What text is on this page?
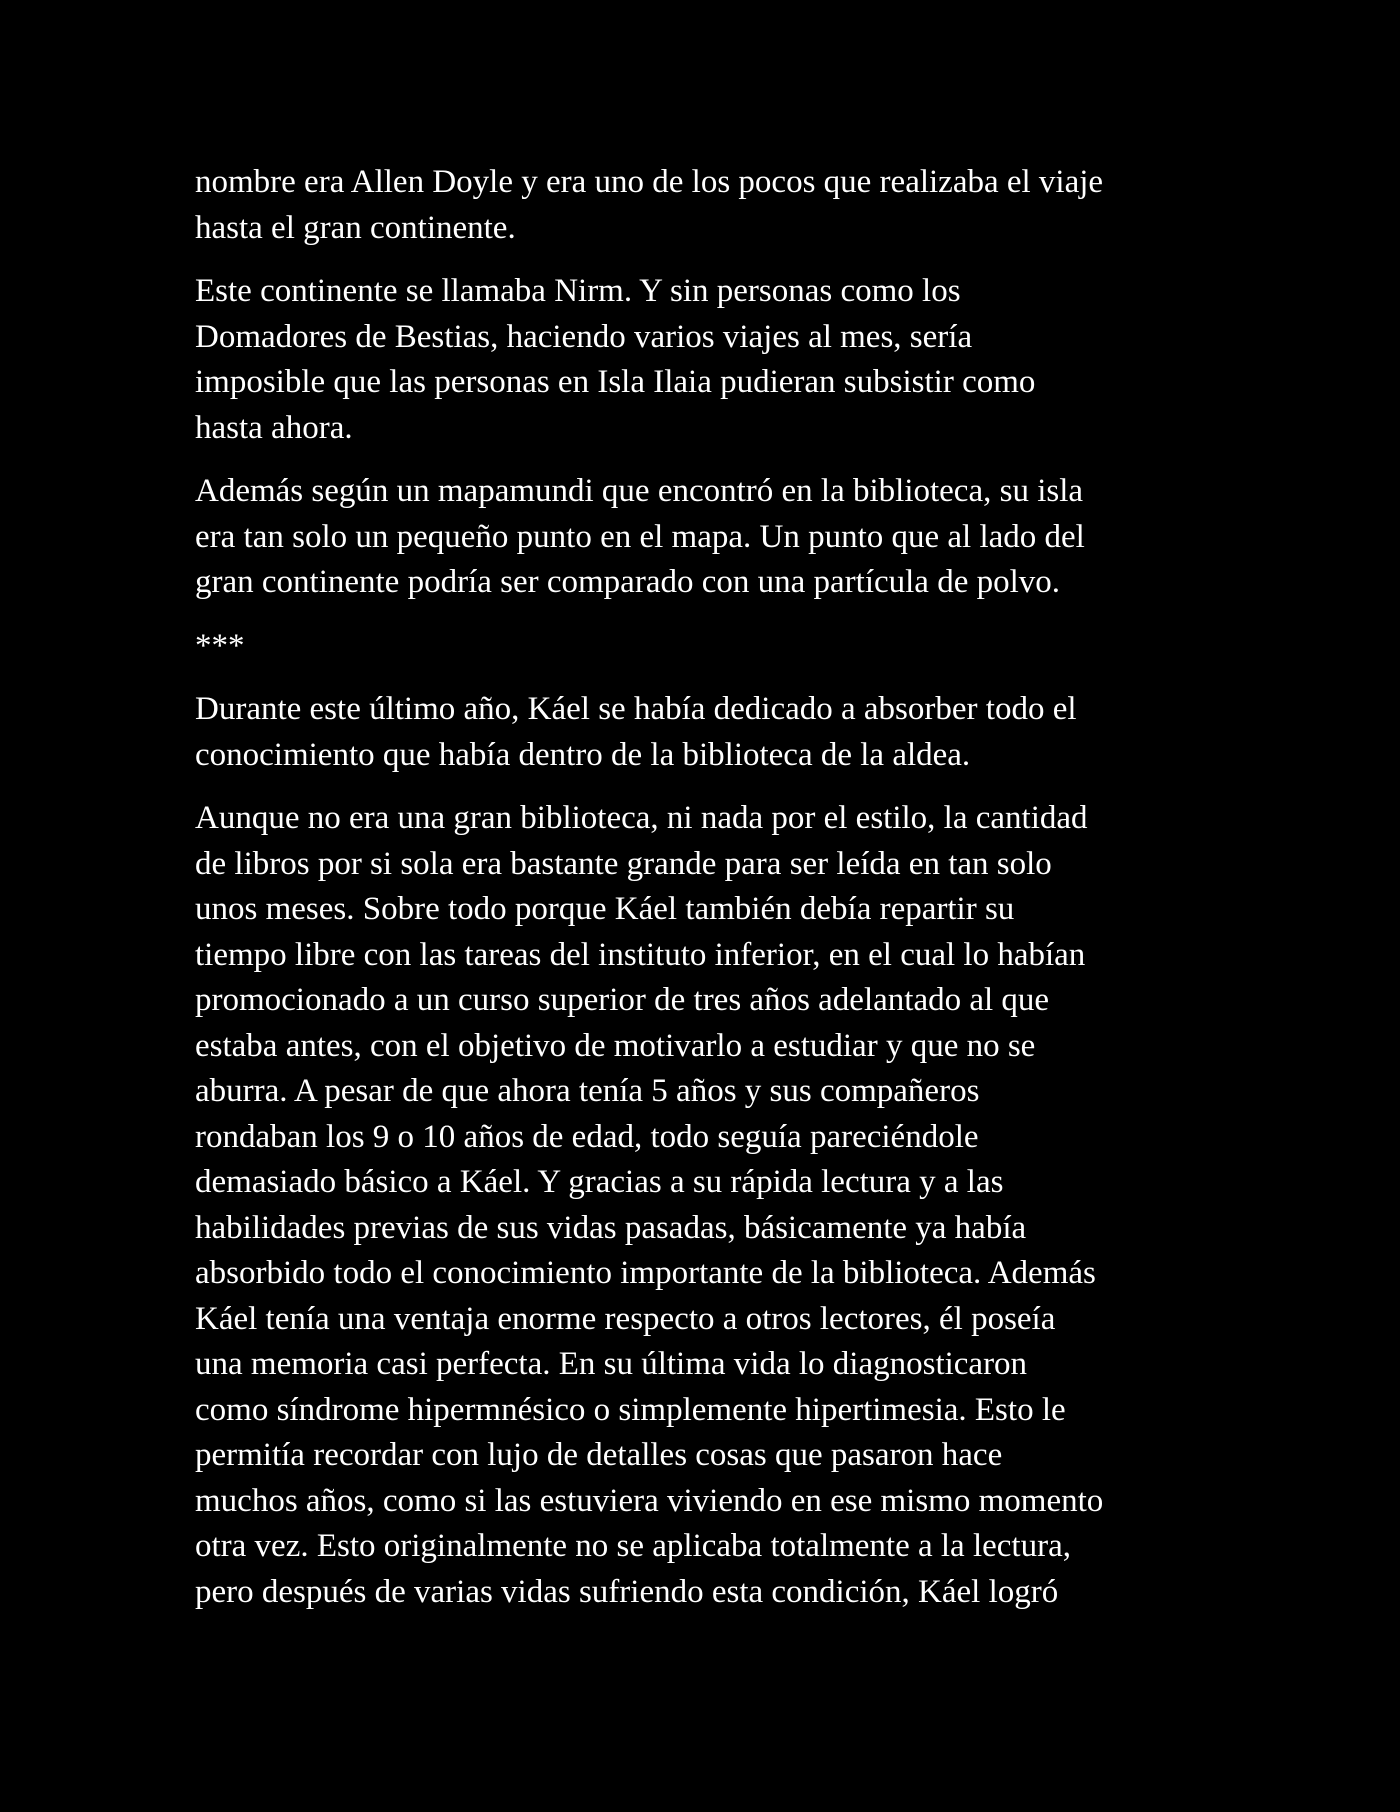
nombre era Allen Doyle y era uno de los pocos que realizaba el viaje
hasta el gran continente.

Este continente se llamaba Nirm. Y sin personas como los
Domadores de Bestias, haciendo varios viajes al mes, sería
imposible que las personas en Isla Ilaia pudieran subsistir como
hasta ahora.

Además según un mapamundi que encontró en la biblioteca, su isla
era tan solo un pequeño punto en el mapa. Un punto que al lado del
gran continente podría ser comparado con una partícula de polvo.

***

Durante este último año, Káel se había dedicado a absorber todo el
conocimiento que había dentro de la biblioteca de la aldea.

Aunque no era una gran biblioteca, ni nada por el estilo, la cantidad
de libros por si sola era bastante grande para ser leída en tan solo
unos meses. Sobre todo porque Káel también debía repartir su
tiempo libre con las tareas del instituto inferior, en el cual lo habían
promocionado a un curso superior de tres años adelantado al que
estaba antes, con el objetivo de motivarlo a estudiar y que no se
aburra. A pesar de que ahora tenía 5 años y sus compañeros
rondaban los 9 o 10 años de edad, todo seguía pareciéndole
demasiado básico a Káel. Y gracias a su rápida lectura y a las
habilidades previas de sus vidas pasadas, básicamente ya había
absorbido todo el conocimiento importante de la biblioteca. Además
Káel tenía una ventaja enorme respecto a otros lectores, él poseía
una memoria casi perfecta. En su última vida lo diagnosticaron
como síndrome hipermnésico o simplemente hipertimesia. Esto le
permitía recordar con lujo de detalles cosas que pasaron hace
muchos años, como si las estuviera viviendo en ese mismo momento
otra vez. Esto originalmente no se aplicaba totalmente a la lectura,
pero después de varias vidas sufriendo esta condición, Káel logró
